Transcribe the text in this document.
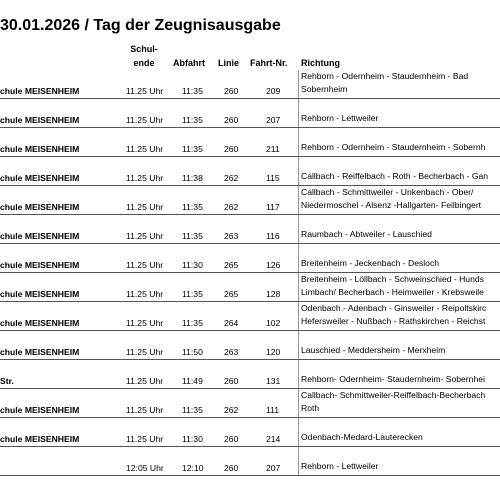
30.01.2026 / Tag der Zeugnisausgabe
Schul-
ende	Abfahrt Linie Fahrt-Nr. Richtung
chule MEISENHEIM	11.25 Uhr 11:35 260	209
Rehborn - Odernheim - Staudernheim - Bad
Sobernheim
chule MEISENHEIM	11.25 Uhr 11:35 260	207 Rehborn - Lettweiler
chule MEISENHEIM	11.25 Uhr 11:35 260	211 Rehborn - Odernheim - Staudernheim - Sobernh
chule MEISENHEIM	11.25 Uhr 11:38 262	115 Callbach - Reiffelbach - Roth - Becherbach - Gan
chule MEISENHEIM	11.25 Uhr 11:35 262	117
Callbach - Schmittweiler - Unkenbach - Ober/
Niedermoschel - Alsenz -Hallgarten- Feilbingert
chule MEISENHEIM	11.25 Uhr 11:35 263	116 Raumbach - Abtweiler - Lauschied
chule MEISENHEIM	11.25 Uhr 11:30 265	126 Breitenheim - Jeckenbach - Desloch
chule MEISENHEIM	11.25 Uhr 11:35 265	128
Breitenheim - Löllbach - Schweinschied - Hunds
Limbach/ Becherbach - Heimweiler - Krebsweile
chule MEISENHEIM	11.25 Uhr 11:35 264	102
Odenbach - Adenbach - Ginsweiler - Reipoltskirc
Hefersweiler - Nußbach - Rathskirchen - Reichst
chule MEISENHEIM	11.25 Uhr 11:50 263	120 Lauschied - Meddersheim - Merxheim
Str.	11.25 Uhr 11:49 260	131 Rehborn- Odernheim- Staudernheim- Sobernhei
chule MEISENHEIM	11.25 Uhr 11:35 262	111
Callbach- Schmittweiler-Reiffelbach-Becherbach
Roth
chule MEISENHEIM	11.25 Uhr 11:30 260	214 Odenbach-Medard-Lauterecken
12:05 Uhr 12:10 260	207 Rehborn - Lettweiler
